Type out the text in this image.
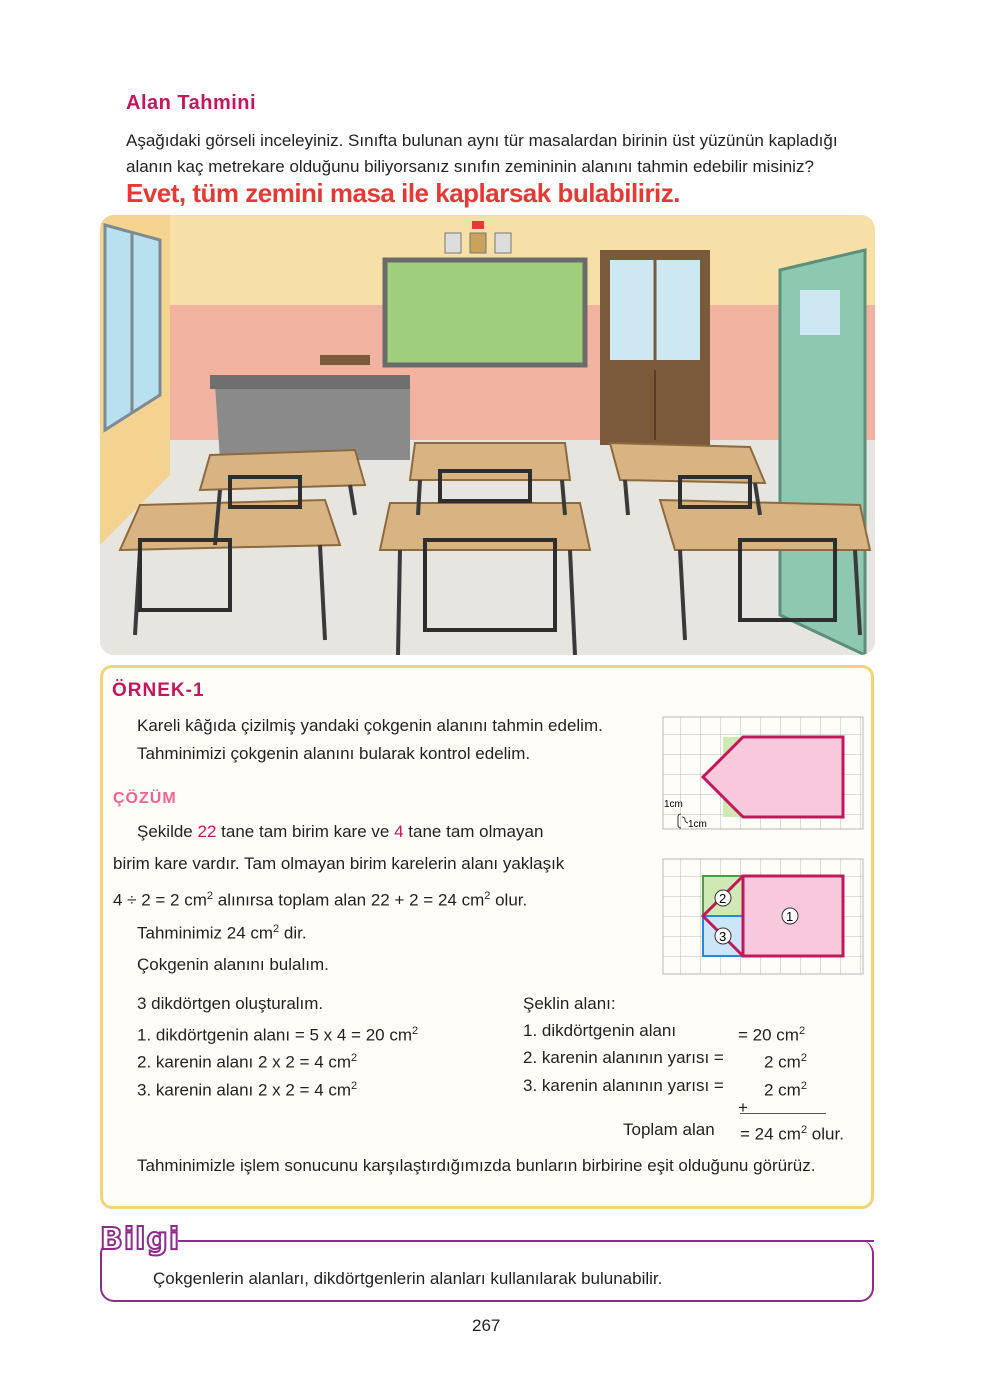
Alan Tahmini

Aşağıdaki görseli inceleyiniz. Sınıfta bulunan aynı tür masalardan birinin üst yüzünün kapladığı alanın kaç metrekare olduğunu biliyorsanız sınıfın zemininin alanını tahmin edebilir misiniz? Evet, tüm zemini masa ile kaplarsak bulabiliriz.

ÖRNEK-1

Kareli kâğıda çizilmiş yandaki çokgenin alanını tahmin edelim. Tahminimizi çokgenin alanını bularak kontrol edelim.

ÇÖZÜM

Şekilde 22 tane tam birim kare ve 4 tane tam olmayan

birim kare vardır. Tam olmayan birim karelerin alanı yaklaşık

4 ÷ 2 = 2 $cm^2$ alınırsa toplam alan 22 + 2 = 24 $cm^2$ olur.

Tahminimiz 24 $cm^2$ dir.

Çokgenin alanını bulalım.

3 dikdörtgen oluşturalım.

1. dikdörtgenin alanı = 5 x 4 = 20 $cm^2$

2. karenin alanı 2 x 2 = 4 $cm^2$

3. karenin alanı 2 x 2 = 4 $cm^2$

Şeklin alanı:

1. dikdörtgenin alanı	= 20 $cm^2$

2. karenin alanının yarısı = 2 $cm^2$

3. karenin alanının yarısı = 2 $cm^2$

+

Toplam alan = 24 $cm^2$ olur.

Tahminimizle işlem sonucunu karşılaştırdığımızda bunların birbirine eşit olduğunu görürüz.

1cm
1cm
1
2
3
Bilgi

Çokgenlerin alanları, dikdörtgenlerin alanları kullanılarak bulunabilir.

267
